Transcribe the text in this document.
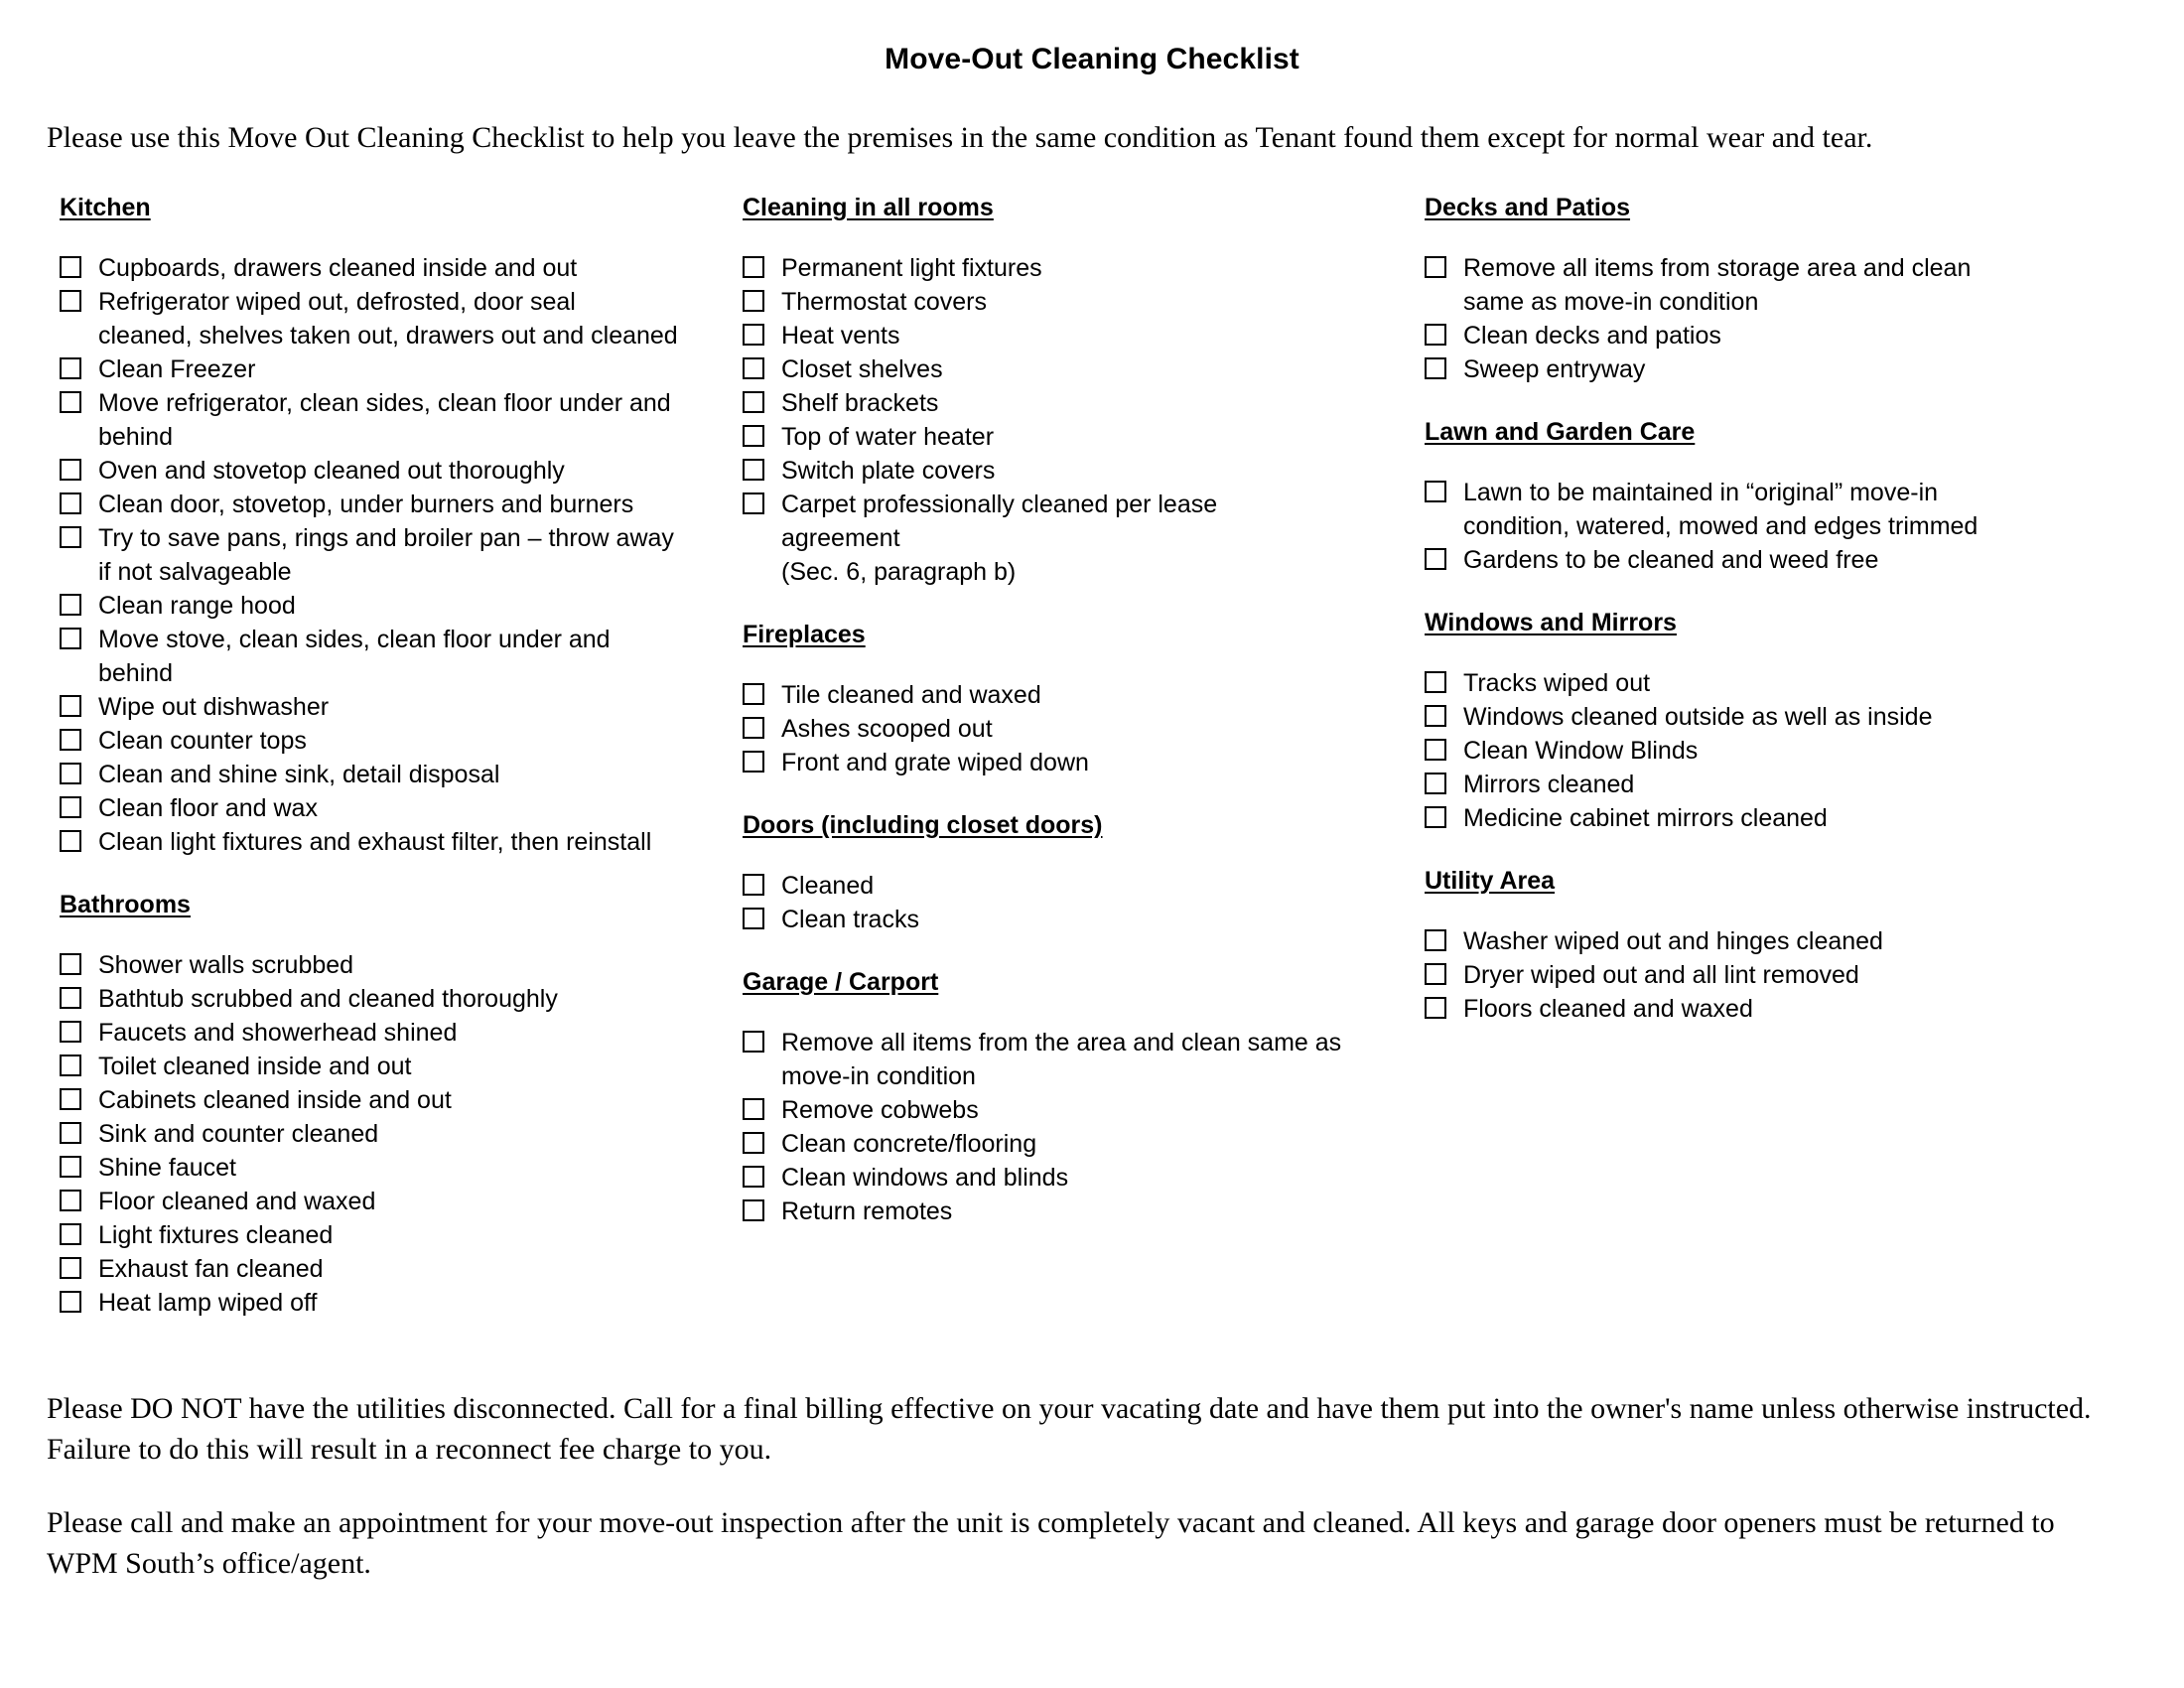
Move-Out Cleaning Checklist
Please use this Move Out Cleaning Checklist to help you leave the premises in the same condition as Tenant found them except for normal wear and tear.
Kitchen
Cupboards, drawers cleaned inside and out
Refrigerator wiped out, defrosted, door seal
cleaned, shelves taken out, drawers out and cleaned
Clean Freezer
Move refrigerator, clean sides, clean floor under and
behind
Oven and stovetop cleaned out thoroughly
Clean door, stovetop, under burners and burners
Try to save pans, rings and broiler pan – throw away
if not salvageable
Clean range hood
Move stove, clean sides, clean floor under and
behind
Wipe out dishwasher
Clean counter tops
Clean and shine sink, detail disposal
Clean floor and wax
Clean light fixtures and exhaust filter, then reinstall
Bathrooms
Shower walls scrubbed
Bathtub scrubbed and cleaned thoroughly
Faucets and showerhead shined
Toilet cleaned inside and out
Cabinets cleaned inside and out
Sink and counter cleaned
Shine faucet
Floor cleaned and waxed
Light fixtures cleaned
Exhaust fan cleaned
Heat lamp wiped off
Cleaning in all rooms
Permanent light fixtures
Thermostat covers
Heat vents
Closet shelves
Shelf brackets
Top of water heater
Switch plate covers
Carpet professionally cleaned per lease
agreement
(Sec. 6, paragraph b)
Fireplaces
Tile cleaned and waxed
Ashes scooped out
Front and grate wiped down
Doors (including closet doors)
Cleaned
Clean tracks
Garage / Carport
Remove all items from the area and clean same as
move-in condition
Remove cobwebs
Clean concrete/flooring
Clean windows and blinds
Return remotes
Decks and Patios
Remove all items from storage area and clean
same as move-in condition
Clean decks and patios
Sweep entryway
Lawn and Garden Care
Lawn to be maintained in “original” move-in
condition, watered, mowed and edges trimmed
Gardens to be cleaned and weed free
Windows and Mirrors
Tracks wiped out
Windows cleaned outside as well as inside
Clean Window Blinds
Mirrors cleaned
Medicine cabinet mirrors cleaned
Utility Area
Washer wiped out and hinges cleaned
Dryer wiped out and all lint removed
Floors cleaned and waxed
Please DO NOT have the utilities disconnected. Call for a final billing effective on your vacating date and have them put into the owner's name unless otherwise instructed. Failure to do this will result in a reconnect fee charge to you.
Please call and make an appointment for your move-out inspection after the unit is completely vacant and cleaned. All keys and garage door openers must be returned to WPM South’s office/agent.
